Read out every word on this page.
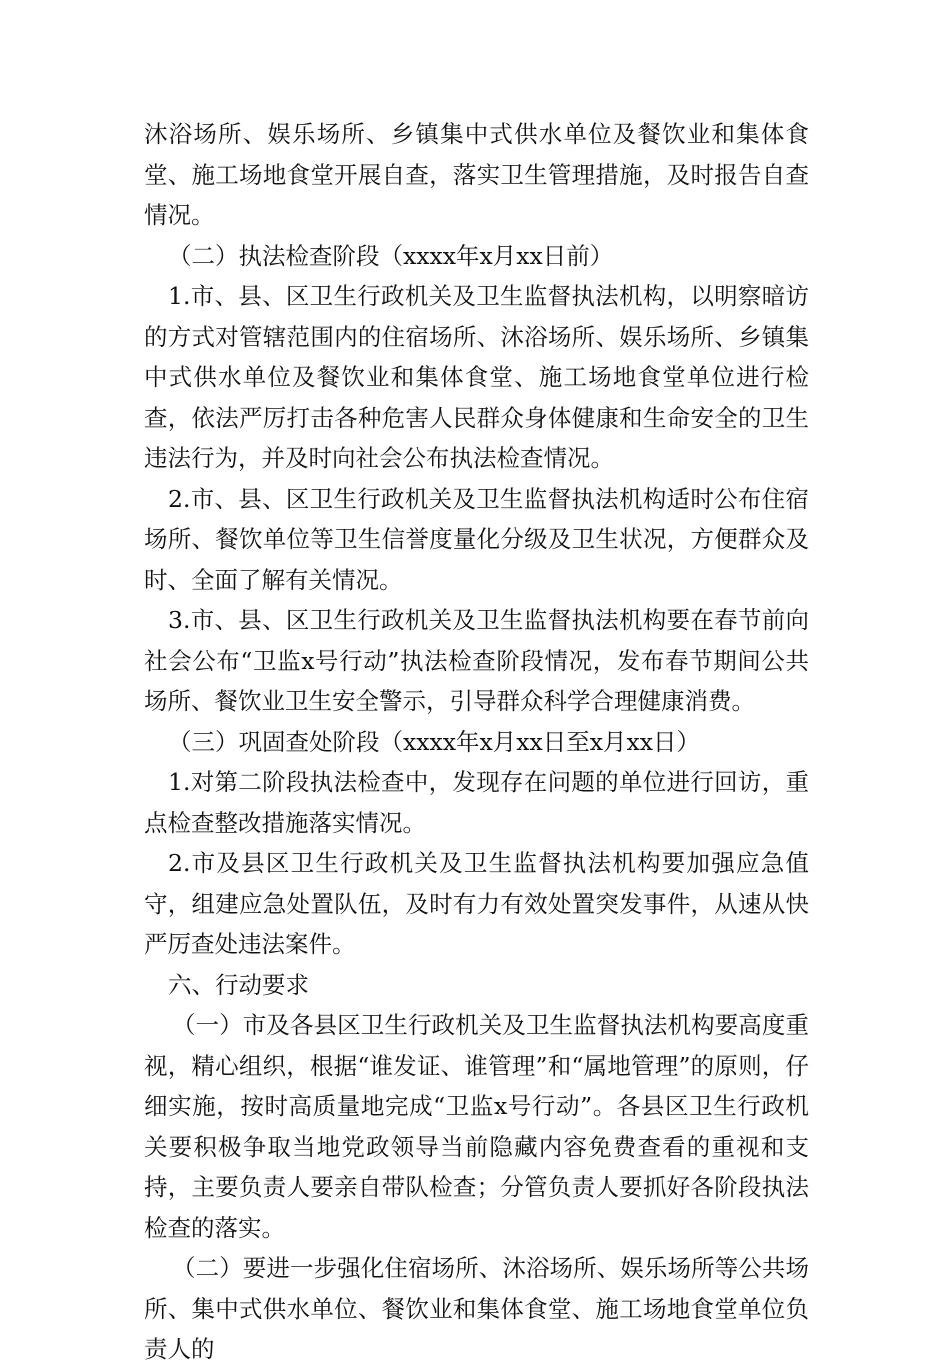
沐浴场所、娱乐场所、乡镇集中式供水单位及餐饮业和集体食堂、施工场地食堂开展自查，落实卫生管理措施，及时报告自查情况。

（二）执法检查阶段（xxxx年x月xx日前）

1.市、县、区卫生行政机关及卫生监督执法机构，以明察暗访的方式对管辖范围内的住宿场所、沐浴场所、娱乐场所、乡镇集中式供水单位及餐饮业和集体食堂、施工场地食堂单位进行检查，依法严厉打击各种危害人民群众身体健康和生命安全的卫生违法行为，并及时向社会公布执法检查情况。

2.市、县、区卫生行政机关及卫生监督执法机构适时公布住宿场所、餐饮单位等卫生信誉度量化分级及卫生状况，方便群众及时、全面了解有关情况。

3.市、县、区卫生行政机关及卫生监督执法机构要在春节前向社会公布“卫监x号行动”执法检查阶段情况，发布春节期间公共场所、餐饮业卫生安全警示，引导群众科学合理健康消费。

（三）巩固查处阶段（xxxx年x月xx日至x月xx日）

1.对第二阶段执法检查中，发现存在问题的单位进行回访，重点检查整改措施落实情况。

2.市及县区卫生行政机关及卫生监督执法机构要加强应急值守，组建应急处置队伍，及时有力有效处置突发事件，从速从快严厉查处违法案件。

六、行动要求

（一）市及各县区卫生行政机关及卫生监督执法机构要高度重视，精心组织，根据“谁发证、谁管理”和“属地管理”的原则，仔细实施，按时高质量地完成“卫监x号行动”。各县区卫生行政机关要积极争取当地党政领导当前隐藏内容免费查看的重视和支持，主要负责人要亲自带队检查；分管负责人要抓好各阶段执法检查的落实。

（二）要进一步强化住宿场所、沐浴场所、娱乐场所等公共场所、集中式供水单位、餐饮业和集体食堂、施工场地食堂单位负责人的
